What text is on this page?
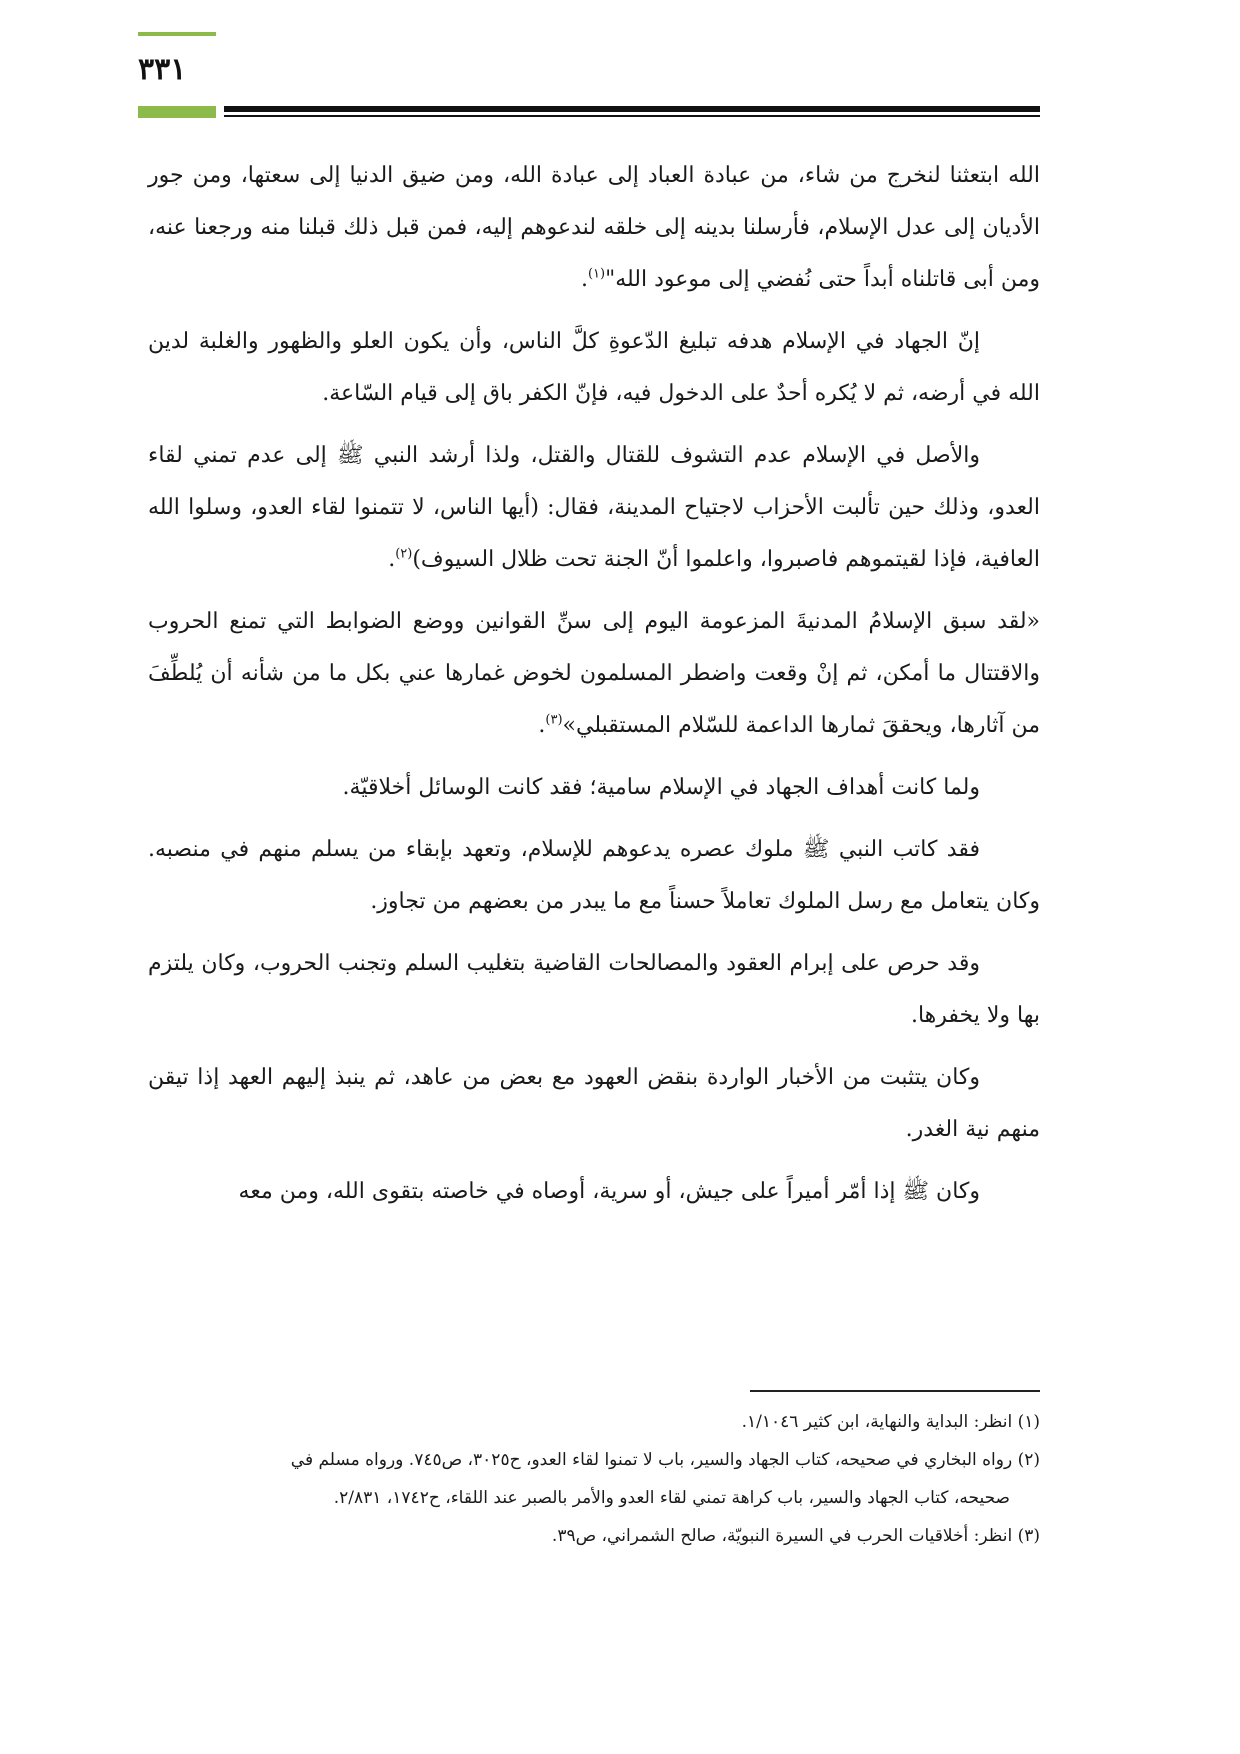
٣٣١

الله ابتعثنا لنخرج من شاء، من عبادة العباد إلى عبادة الله، ومن ضيق الدنيا إلى سعتها، ومن جور الأديان إلى عدل الإسلام، فأرسلنا بدينه إلى خلقه لندعوهم إليه، فمن قبل ذلك قبلنا منه ورجعنا عنه، ومن أبى قاتلناه أبداً حتى نُفضي إلى موعود الله"$^{(١)}$.

إنّ الجهاد في الإسلام هدفه تبليغ الدّعوةِ كلَّ الناس، وأن يكون العلو والظهور والغلبة لدين الله في أرضه، ثم لا يُكره أحدٌ على الدخول فيه، فإنّ الكفر باق إلى قيام السّاعة.

والأصل في الإسلام عدم التشوف للقتال والقتل، ولذا أرشد النبي ﷺ إلى عدم تمني لقاء العدو، وذلك حين تألبت الأحزاب لاجتياح المدينة، فقال: (أيها الناس، لا تتمنوا لقاء العدو، وسلوا الله العافية، فإذا لقيتموهم فاصبروا، واعلموا أنّ الجنة تحت ظلال السيوف)$^{(٢)}$.

«لقد سبق الإسلامُ المدنيةَ المزعومة اليوم إلى سنِّ القوانين ووضع الضوابط التي تمنع الحروب والاقتتال ما أمكن، ثم إنْ وقعت واضطر المسلمون لخوض غمارها عني بكل ما من شأنه أن يُلطِّفَ من آثارها، ويحققَ ثمارها الداعمة للسّلام المستقبلي»$^{(٣)}$.

ولما كانت أهداف الجهاد في الإسلام سامية؛ فقد كانت الوسائل أخلاقيّة.

فقد كاتب النبي ﷺ ملوك عصره يدعوهم للإسلام، وتعهد بإبقاء من يسلم منهم في منصبه. وكان يتعامل مع رسل الملوك تعاملاً حسناً مع ما يبدر من بعضهم من تجاوز.

وقد حرص على إبرام العقود والمصالحات القاضية بتغليب السلم وتجنب الحروب، وكان يلتزم بها ولا يخفرها.

وكان يتثبت من الأخبار الواردة بنقض العهود مع بعض من عاهد، ثم ينبذ إليهم العهد إذا تيقن منهم نية الغدر.

وكان ﷺ إذا أمّر أميراً على جيش، أو سرية، أوصاه في خاصته بتقوى الله، ومن معه

(١) انظر: البداية والنهاية، ابن كثير ١/١٠٤٦.

(٢) رواه البخاري في صحيحه، كتاب الجهاد والسير، باب لا تمنوا لقاء العدو، ح٣٠٢٥، ص٧٤٥. ورواه مسلم في

صحيحه، كتاب الجهاد والسير، باب كراهة تمني لقاء العدو والأمر بالصبر عند اللقاء، ح١٧٤٢، ٢/٨٣١.

(٣) انظر: أخلاقيات الحرب في السيرة النبويّة، صالح الشمراني، ص٣٩.
